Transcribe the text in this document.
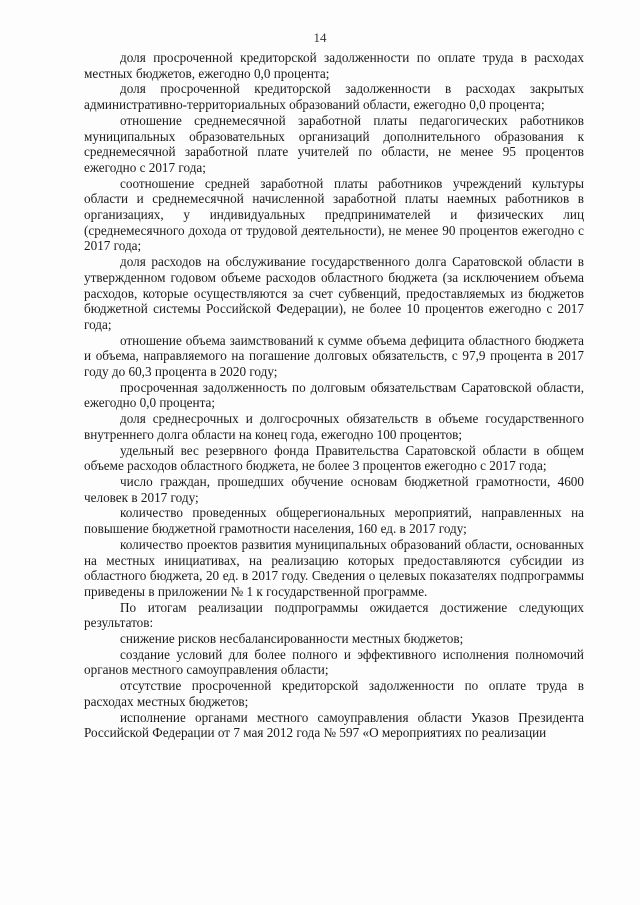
14

доля просроченной кредиторской задолженности по оплате труда в расходах местных бюджетов, ежегодно 0,0 процента;

доля просроченной кредиторской задолженности в расходах закрытых административно-территориальных образований области, ежегодно 0,0 процента;

отношение среднемесячной заработной платы педагогических работников муниципальных образовательных организаций дополнительного образования к среднемесячной заработной плате учителей по области, не менее 95 процентов ежегодно с 2017 года;

соотношение средней заработной платы работников учреждений культуры области и среднемесячной начисленной заработной платы наемных работников в организациях, у индивидуальных предпринимателей и физических лиц (среднемесячного дохода от трудовой деятельности), не менее 90 процентов ежегодно с 2017 года;

доля расходов на обслуживание государственного долга Саратовской области в утвержденном годовом объеме расходов областного бюджета (за исключением объема расходов, которые осуществляются за счет субвенций, предоставляемых из бюджетов бюджетной системы Российской Федерации), не более 10 процентов ежегодно с 2017 года;

отношение объема заимствований к сумме объема дефицита областного бюджета и объема, направляемого на погашение долговых обязательств, с 97,9 процента в 2017 году до 60,3 процента в 2020 году;

просроченная задолженность по долговым обязательствам Саратовской области, ежегодно 0,0 процента;

доля среднесрочных и долгосрочных обязательств в объеме государственного внутреннего долга области на конец года, ежегодно 100 процентов;

удельный вес резервного фонда Правительства Саратовской области в общем объеме расходов областного бюджета, не более 3 процентов ежегодно с 2017 года;

число граждан, прошедших обучение основам бюджетной грамотности, 4600 человек в 2017 году;

количество проведенных общерегиональных мероприятий, направленных на повышение бюджетной грамотности населения, 160 ед. в 2017 году;

количество проектов развития муниципальных образований области, основанных на местных инициативах, на реализацию которых предоставляются субсидии из областного бюджета, 20 ед. в 2017 году. Сведения о целевых показателях подпрограммы приведены в приложении № 1 к государственной программе.

По итогам реализации подпрограммы ожидается достижение следующих результатов:

снижение рисков несбалансированности местных бюджетов;

создание условий для более полного и эффективного исполнения полномочий органов местного самоуправления области;

отсутствие просроченной кредиторской задолженности по оплате труда в расходах местных бюджетов;

исполнение органами местного самоуправления области Указов Президента Российской Федерации от 7 мая 2012 года № 597 «О мероприятиях по реализации
